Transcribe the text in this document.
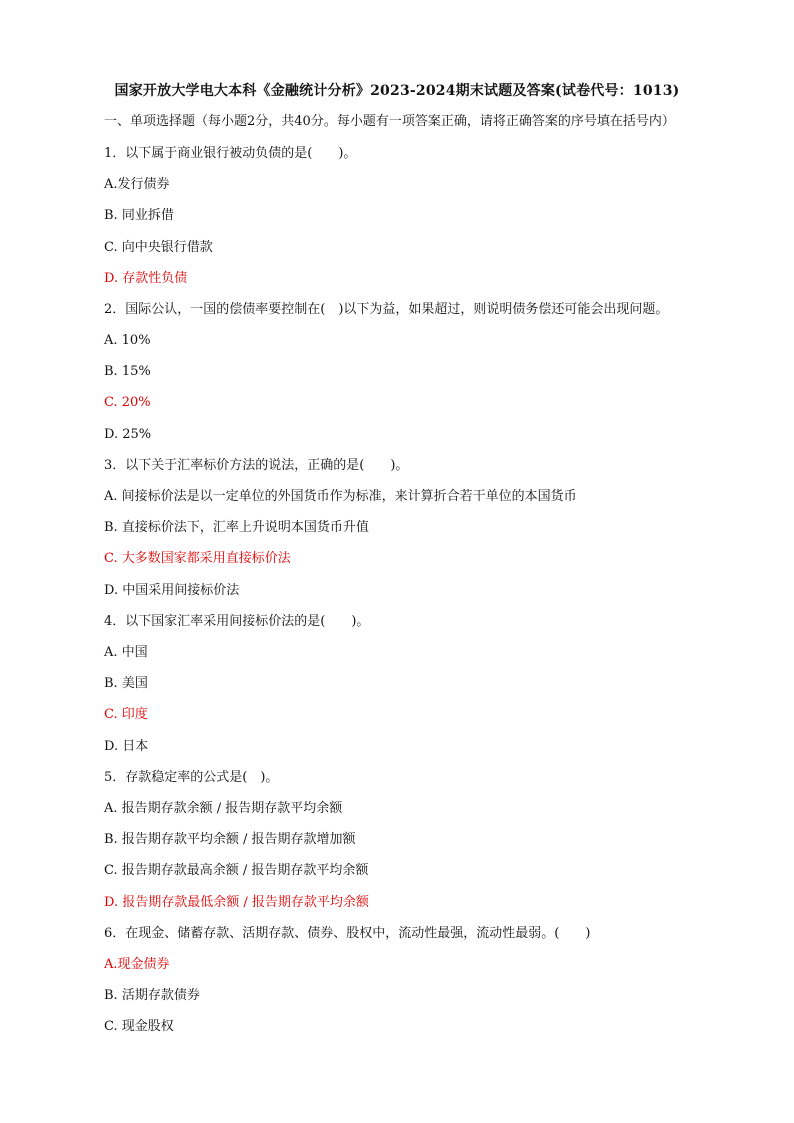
国家开放大学电大本科《金融统计分析》2023-2024期末试题及答案(试卷代号：1013)
一、单项选择题（每小题2分，共40分。每小题有一项答案正确，请将正确答案的序号填在括号内）
1．以下属于商业银行被动负债的是(　　)。
A.发行债券
B. 同业拆借
C. 向中央银行借款
D. 存款性负债
2．国际公认，一国的偿债率要控制在(　)以下为益，如果超过，则说明债务偿还可能会出现问题。
A. 10%
B. 15%
C. 20%
D. 25%
3．以下关于汇率标价方法的说法，正确的是(　　)。
A. 间接标价法是以一定单位的外国货币作为标准，来计算折合若干单位的本国货币
B. 直接标价法下，汇率上升说明本国货币升值
C. 大多数国家都采用直接标价法
D. 中国采用间接标价法
4．以下国家汇率采用间接标价法的是(　　)。
A. 中国
B. 美国
C. 印度
D. 日本
5．存款稳定率的公式是(　)。
A. 报告期存款余额 / 报告期存款平均余额
B. 报告期存款平均余额 / 报告期存款增加额
C. 报告期存款最高余额 / 报告期存款平均余额
D. 报告期存款最低余额 / 报告期存款平均余额
6．在现金、储蓄存款、活期存款、债券、股权中，流动性最强，流动性最弱。(　　)
A.现金债券
B. 活期存款债券
C. 现金股权
